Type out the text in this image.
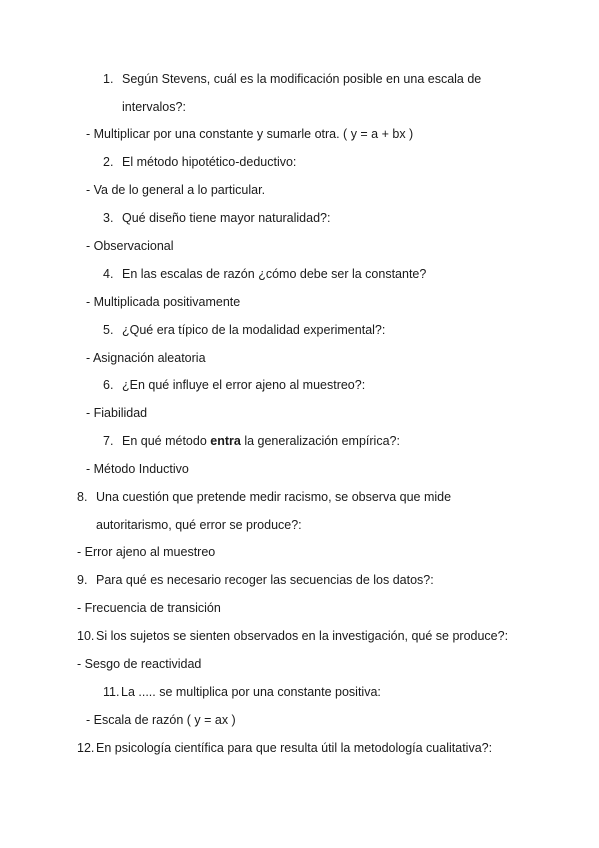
1. Según Stevens, cuál es la modificación posible en una escala de
intervalos?:
- Multiplicar por una constante y sumarle otra. ( y = a + bx )
2. El método hipotético-deductivo:
- Va de lo general a lo particular.
3. Qué diseño tiene mayor naturalidad?:
- Observacional
4. En las escalas de razón ¿cómo debe ser la constante?
- Multiplicada positivamente
5. ¿Qué era típico de la modalidad experimental?:
- Asignación aleatoria
6. ¿En qué influye el error ajeno al muestreo?:
- Fiabilidad
7. En qué método entra la generalización empírica?:
- Método Inductivo
8. Una cuestión que pretende medir racismo, se observa que mide
autoritarismo, qué error se produce?:
- Error ajeno al muestreo
9. Para qué es necesario recoger las secuencias de los datos?:
- Frecuencia de transición
10. Si los sujetos se sienten observados en la investigación, qué se produce?:
- Sesgo de reactividad
11. La ..... se multiplica por una constante positiva:
- Escala de razón ( y = ax )
12. En psicología científica para que resulta útil la metodología cualitativa?:
